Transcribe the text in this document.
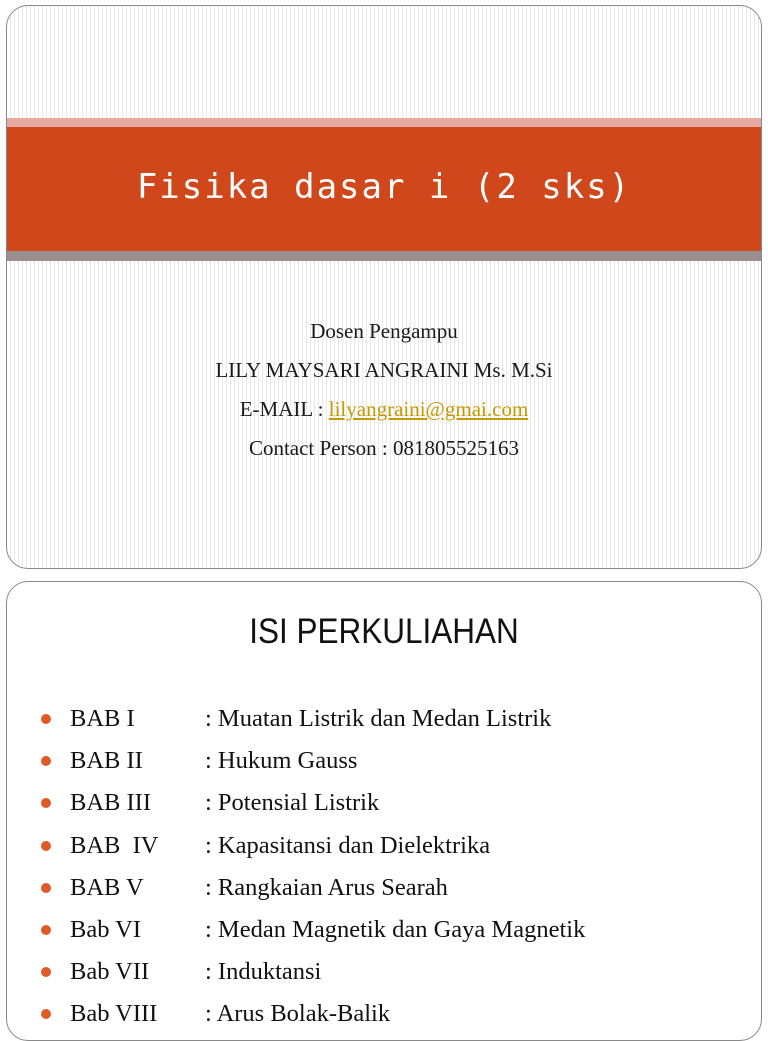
Fisika dasar i (2 sks)
Dosen Pengampu
LILY MAYSARI ANGRAINI Ms. M.Si
E-MAIL : lilyangraini@gmai.com
Contact Person : 081805525163
ISI PERKULIAHAN
BAB I	: Muatan Listrik dan Medan Listrik
BAB II	: Hukum Gauss
BAB III	: Potensial Listrik
BAB  IV	: Kapasitansi dan Dielektrika
BAB V	: Rangkaian Arus Searah
Bab VI	: Medan Magnetik dan Gaya Magnetik
Bab VII	: Induktansi
Bab VIII	: Arus Bolak-Balik
